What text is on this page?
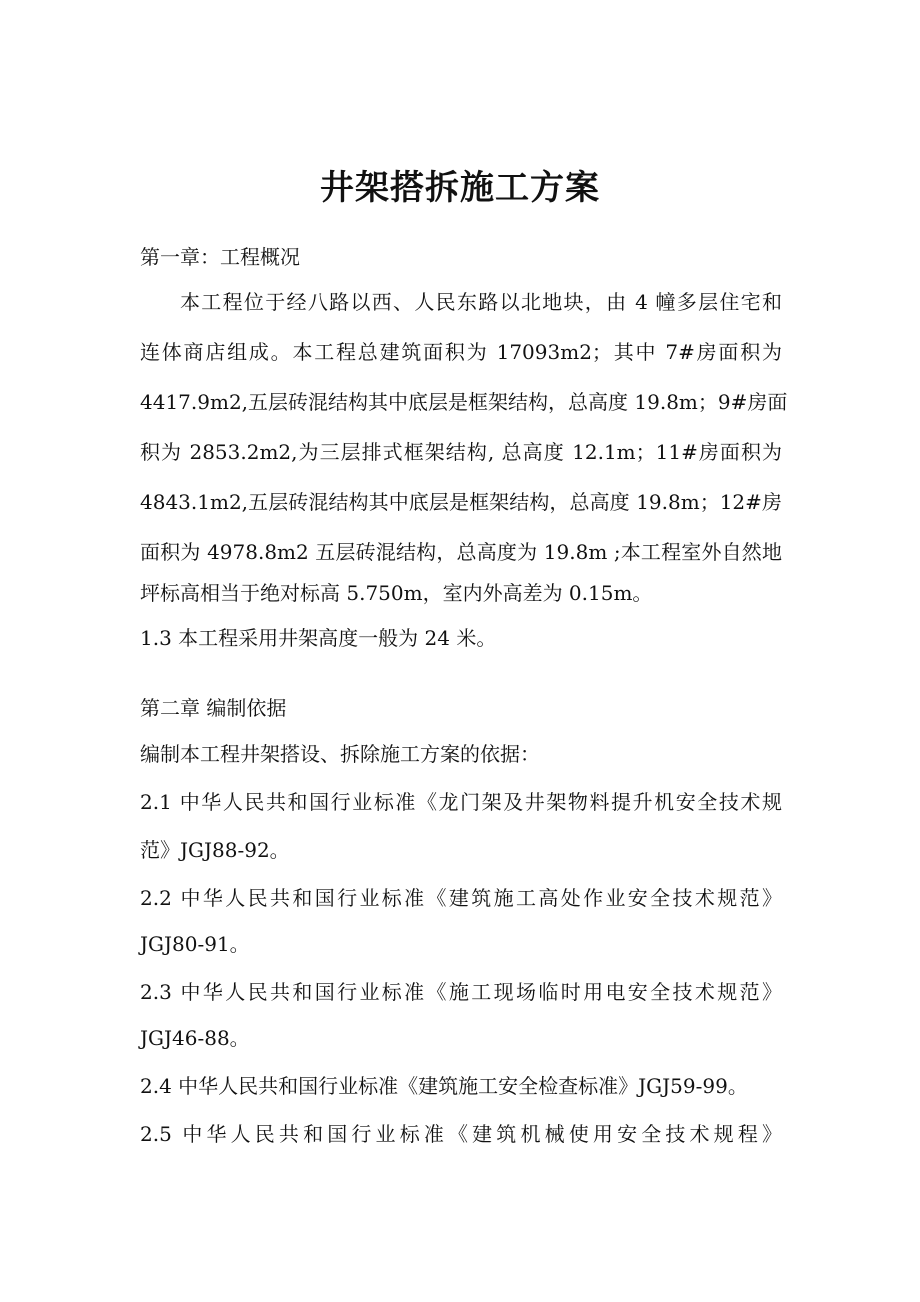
井架搭拆施工方案
第一章：工程概况
本工程位于经八路以西、人民东路以北地块，由 4 幢多层住宅和
连体商店组成。本工程总建筑面积为 17093m2；其中 7#房面积为
4417.9m2,五层砖混结构其中底层是框架结构，总高度 19.8m；9#房面
积为 2853.2m2,为三层排式框架结构, 总高度 12.1m；11#房面积为
4843.1m2,五层砖混结构其中底层是框架结构，总高度 19.8m；12#房
面积为 4978.8m2 五层砖混结构，总高度为 19.8m ;本工程室外自然地
坪标高相当于绝对标高 5.750m，室内外高差为 0.15m。
1.3 本工程采用井架高度一般为 24 米。
第二章 编制依据
编制本工程井架搭设、拆除施工方案的依据：
2.1 中华人民共和国行业标准《龙门架及井架物料提升机安全技术规
范》JGJ88-92。
2.2 中华人民共和国行业标准《建筑施工高处作业安全技术规范》
JGJ80-91。
2.3 中华人民共和国行业标准《施工现场临时用电安全技术规范》
JGJ46-88。
2.4 中华人民共和国行业标准《建筑施工安全检查标准》JGJ59-99。
2.5 中华人民共和国行业标准《建筑机械使用安全技术规程》
